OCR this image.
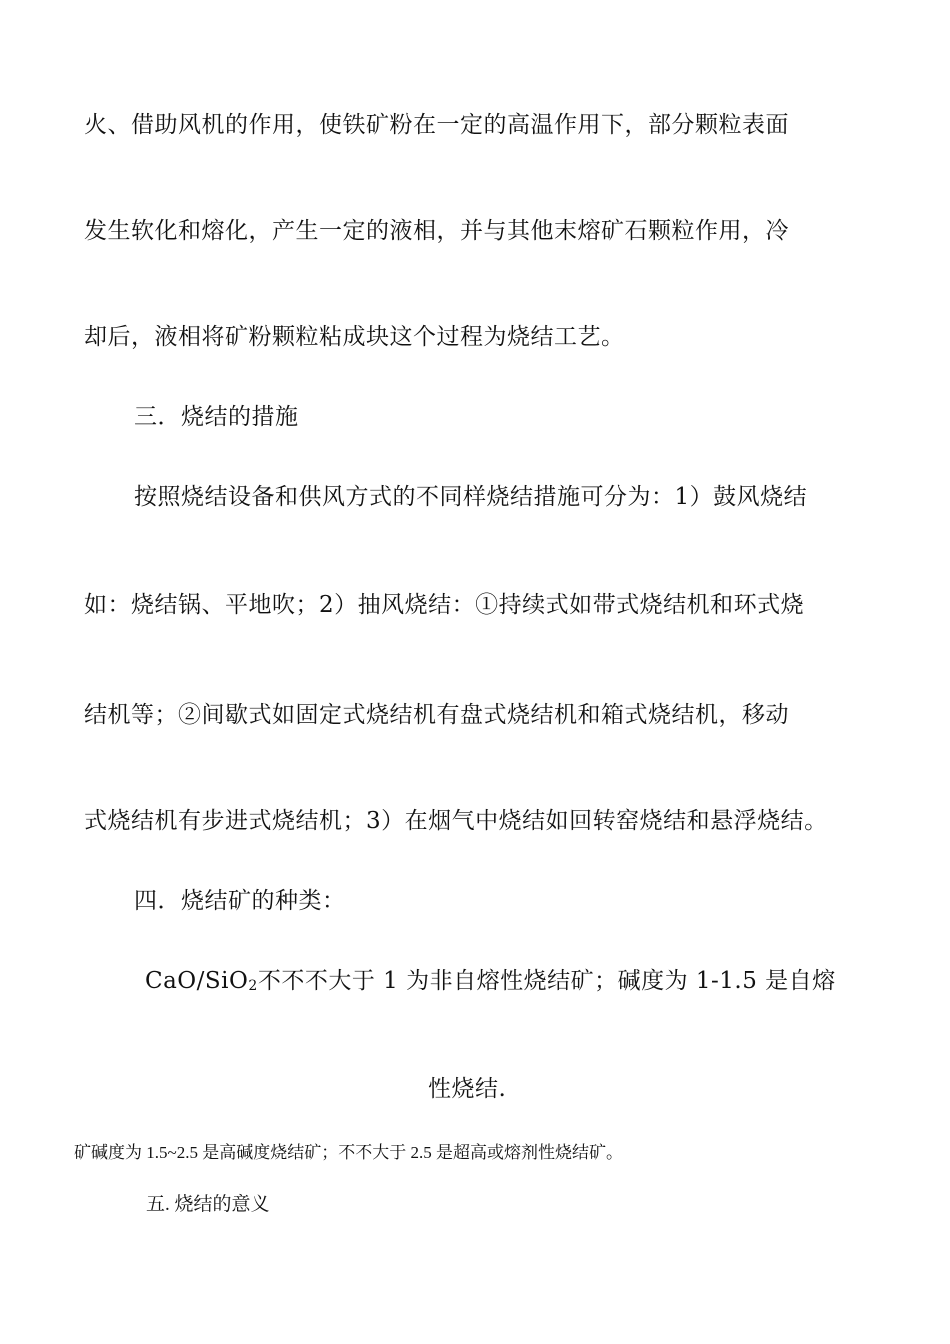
火、借助风机的作用，使铁矿粉在一定的高温作用下，部分颗粒表面
发生软化和熔化，产生一定的液相，并与其他末熔矿石颗粒作用，冷
却后，液相将矿粉颗粒粘成块这个过程为烧结工艺。
三．烧结的措施
按照烧结设备和供风方式的不同样烧结措施可分为：1）鼓风烧结
如：烧结锅、平地吹；2）抽风烧结：①持续式如带式烧结机和环式烧
结机等；②间歇式如固定式烧结机有盘式烧结机和箱式烧结机，移动
式烧结机有步进式烧结机；3）在烟气中烧结如回转窑烧结和悬浮烧结。
四．烧结矿的种类：
CaO/SiO$_2$不不不大于 1 为非自熔性烧结矿；碱度为 1-1.5 是自熔
性烧结.
矿碱度为 1.5~2.5 是高碱度烧结矿；不不大于 2.5 是超高或熔剂性烧结矿。
五. 烧结的意义
